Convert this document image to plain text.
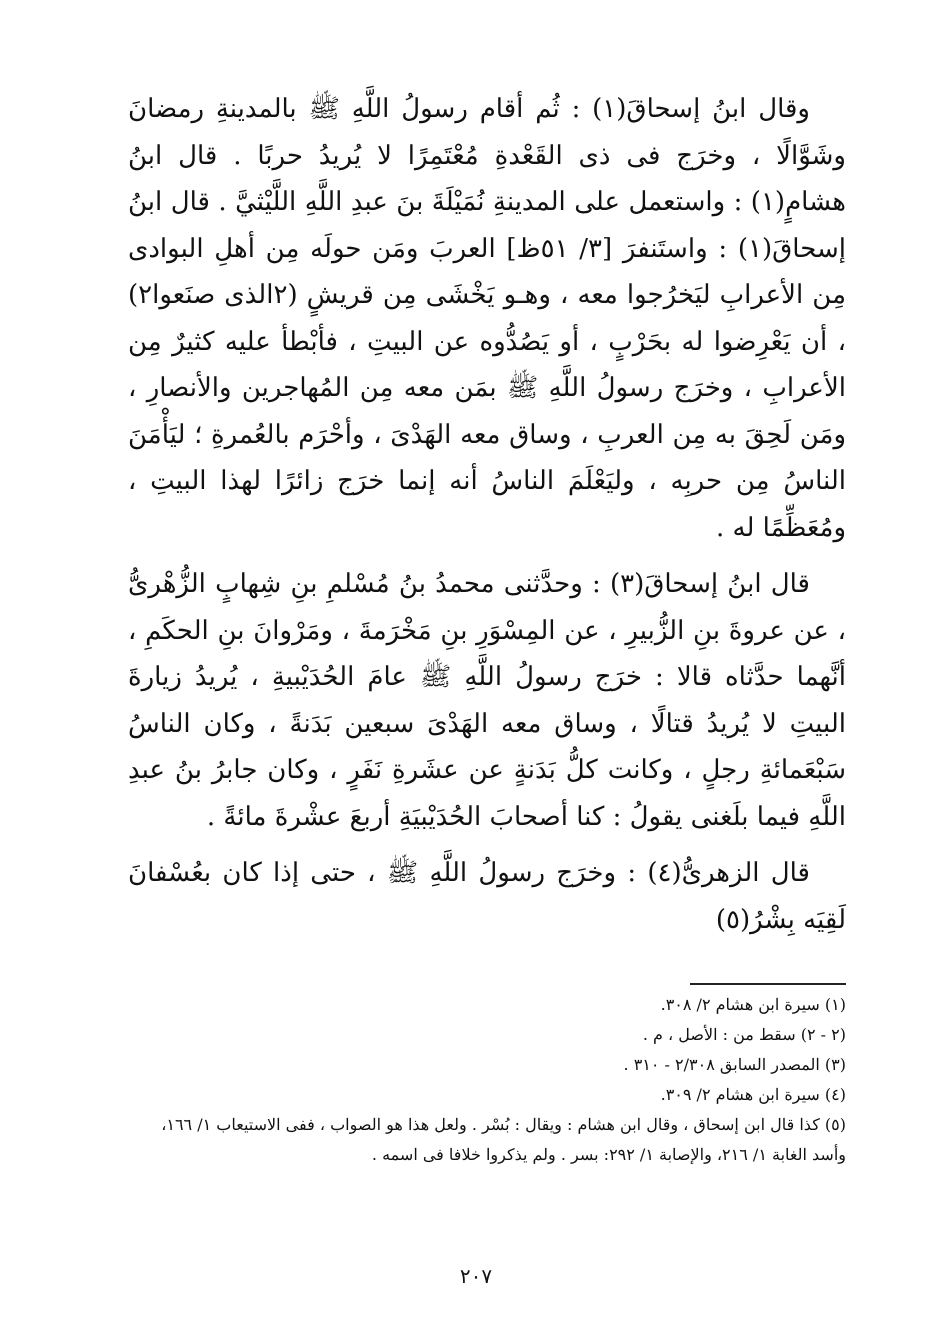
وقال ابنُ إسحاقَ(١) : ثُم أقام رسولُ اللَّهِ ﷺ بالمدينةِ رمضانَ وشَوَّالًا ، وخرَج فى ذى القَعْدةِ مُعْتَمِرًا لا يُريدُ حربًا . قال ابنُ هشامٍ(١) : واستعمل على المدينةِ نُمَيْلَةَ بنَ عبدِ اللَّهِ اللَّيْثيَّ . قال ابنُ إسحاقَ(١) : واستَنفرَ [٣/ ٥١ظ] العربَ ومَن حولَه مِن أهلِ البوادى مِن الأعرابِ ليَخرُجوا معه ، وهـو يَخْشَى مِن قريشٍ (٢الذى صنَعوا٢) ، أن يَعْرِضوا له بحَرْبٍ ، أو يَصُدُّوه عن البيتِ ، فأبْطأ عليه كثيرٌ مِن الأعرابِ ، وخرَج رسولُ اللَّهِ ﷺ بمَن معه مِن المُهاجرين والأنصارِ ، ومَن لَحِقَ به مِن العربِ ، وساق معه الهَدْىَ ، وأحْرَم بالعُمرةِ ؛ ليَأْمَنَ الناسُ مِن حربِه ، وليَعْلَمَ الناسُ أنه إنما خرَج زائرًا لهذا البيتِ ، ومُعَظِّمًا له .

قال ابنُ إسحاقَ(٣) : وحدَّثنى محمدُ بنُ مُسْلمِ بنِ شِهابٍ الزُّهْرىُّ ، عن عروةَ بنِ الزُّبيرِ ، عن المِسْوَرِ بنِ مَخْرَمةَ ، ومَرْوانَ بنِ الحكَمِ ، أنَّهما حدَّثاه قالا : خرَج رسولُ اللَّهِ ﷺ عامَ الحُدَيْبيةِ ، يُريدُ زيارةَ البيتِ لا يُريدُ قتالًا ، وساق معه الهَدْىَ سبعين بَدَنةً ، وكان الناسُ سَبْعَمائةِ رجلٍ ، وكانت كلُّ بَدَنةٍ عن عشَرةِ نَفَرٍ ، وكان جابرُ بنُ عبدِ اللَّهِ فيما بلَغنى يقولُ : كنا أصحابَ الحُدَيْبيَةِ أربعَ عشْرةَ مائةً .

قال الزهرىُّ(٤) : وخرَج رسولُ اللَّهِ ﷺ ، حتى إذا كان بعُسْفانَ لَقِيَه بِشْرُ(٥)

(١) سيرة ابن هشام ٢/ ٣٠٨.

(٢ - ٢) سقط من : الأصل ، م .

(٣) المصدر السابق ٢/٣٠٨ - ٣١٠ .

(٤) سيرة ابن هشام ٢/ ٣٠٩.

(٥) كذا قال ابن إسحاق ، وقال ابن هشام : ويقال : بُسْر . ولعل هذا هو الصواب ، ففى الاستيعاب ١/ ١٦٦، وأسد الغابة ١/ ٢١٦، والإصابة ١/ ٢٩٢: بسر . ولم يذكروا خلافا فى اسمه .

٢٠٧
